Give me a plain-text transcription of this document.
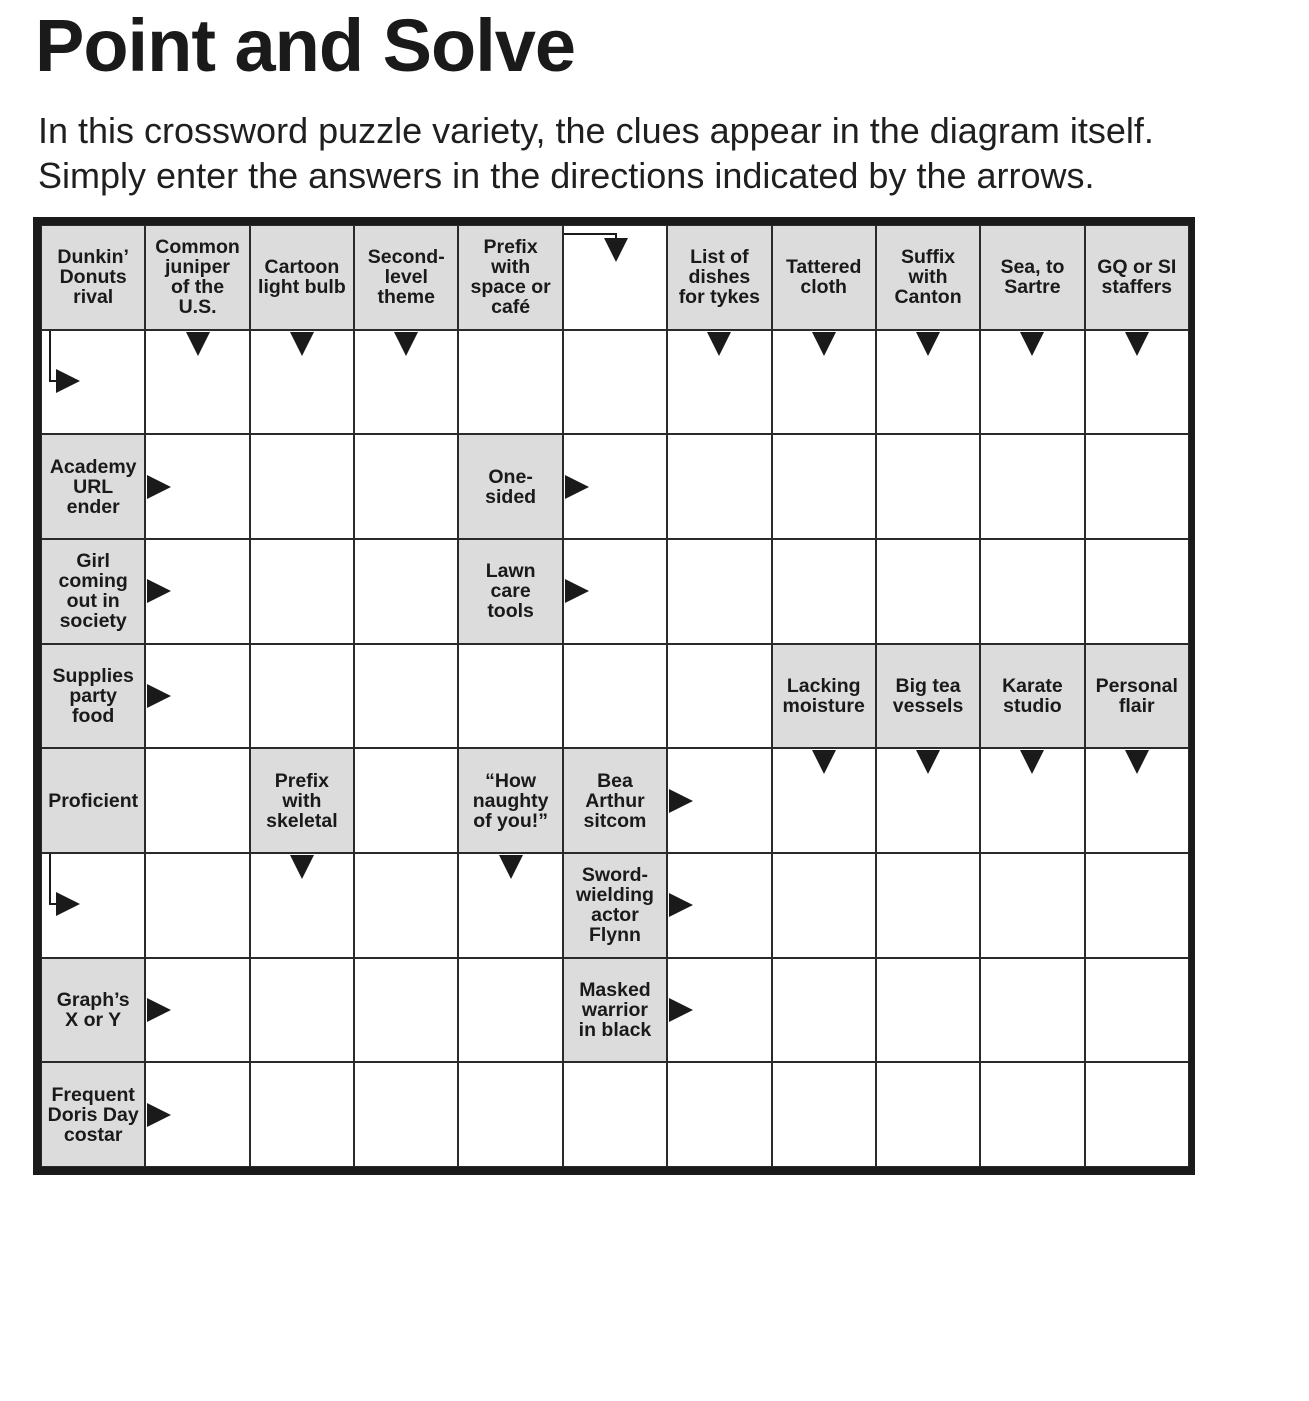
Point and Solve
In this crossword puzzle variety, the clues appear in the diagram itself.
Simply enter the answers in the directions indicated by the arrows.
Dunkin’
Donuts
rival
Common
juniper
of the
U.S.
Cartoon
light bulb
Second-
level
theme
Prefix
with
space or
café
List of
dishes
for tykes
Tattered
cloth
Suffix
with
Canton
Sea, to
Sartre
GQ or SI
staffers
Academy
URL
ender
One-
sided
Girl
coming
out in
society
Lawn
care
tools
Supplies
party
food
Lacking
moisture
Big tea
vessels
Karate
studio
Personal
flair
Proficient
Prefix
with
skeletal
“How
naughty
of you!”
Bea
Arthur
sitcom
Sword-
wielding
actor
Flynn
Graph’s
X or Y
Masked
warrior
in black
Frequent
Doris Day
costar
